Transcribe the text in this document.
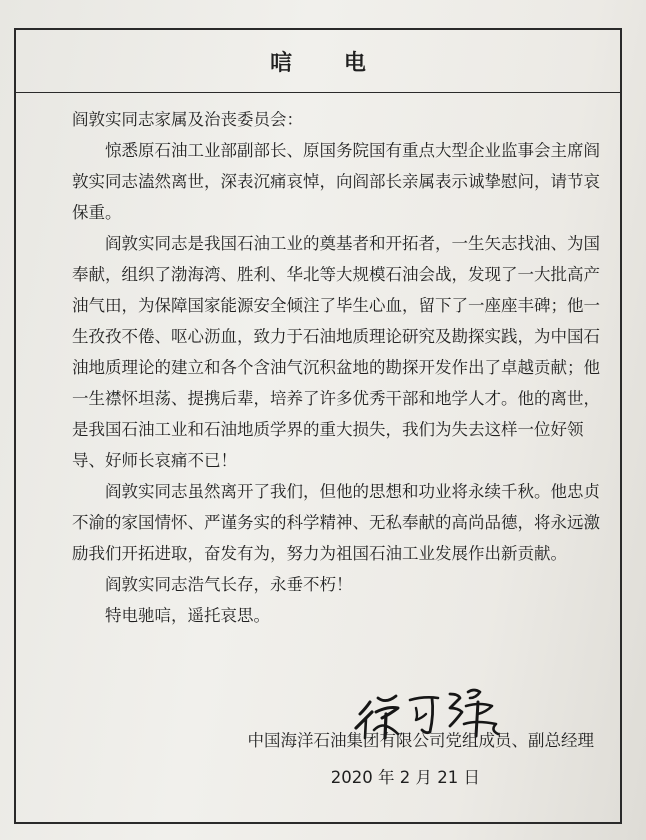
唁 电

阎敦实同志家属及治丧委员会：

惊悉原石油工业部副部长、原国务院国有重点大型企业监事会主席阎敦实同志溘然离世，深表沉痛哀悼，向阎部长亲属表示诚挚慰问，请节哀保重。

阎敦实同志是我国石油工业的奠基者和开拓者，一生矢志找油、为国奉献，组织了渤海湾、胜利、华北等大规模石油会战，发现了一大批高产油气田，为保障国家能源安全倾注了毕生心血，留下了一座座丰碑；他一生孜孜不倦、呕心沥血，致力于石油地质理论研究及勘探实践，为中国石油地质理论的建立和各个含油气沉积盆地的勘探开发作出了卓越贡献；他一生襟怀坦荡、提携后辈，培养了许多优秀干部和地学人才。他的离世，是我国石油工业和石油地质学界的重大损失，我们为失去这样一位好领导、好师长哀痛不已！

阎敦实同志虽然离开了我们，但他的思想和功业将永续千秋。他忠贞不渝的家国情怀、严谨务实的科学精神、无私奉献的高尚品德，将永远激励我们开拓进取，奋发有为，努力为祖国石油工业发展作出新贡献。

阎敦实同志浩气长存，永垂不朽！

特电驰唁，遥托哀思。

中国海洋石油集团有限公司党组成员、副总经理
2020 年 2 月 21 日
